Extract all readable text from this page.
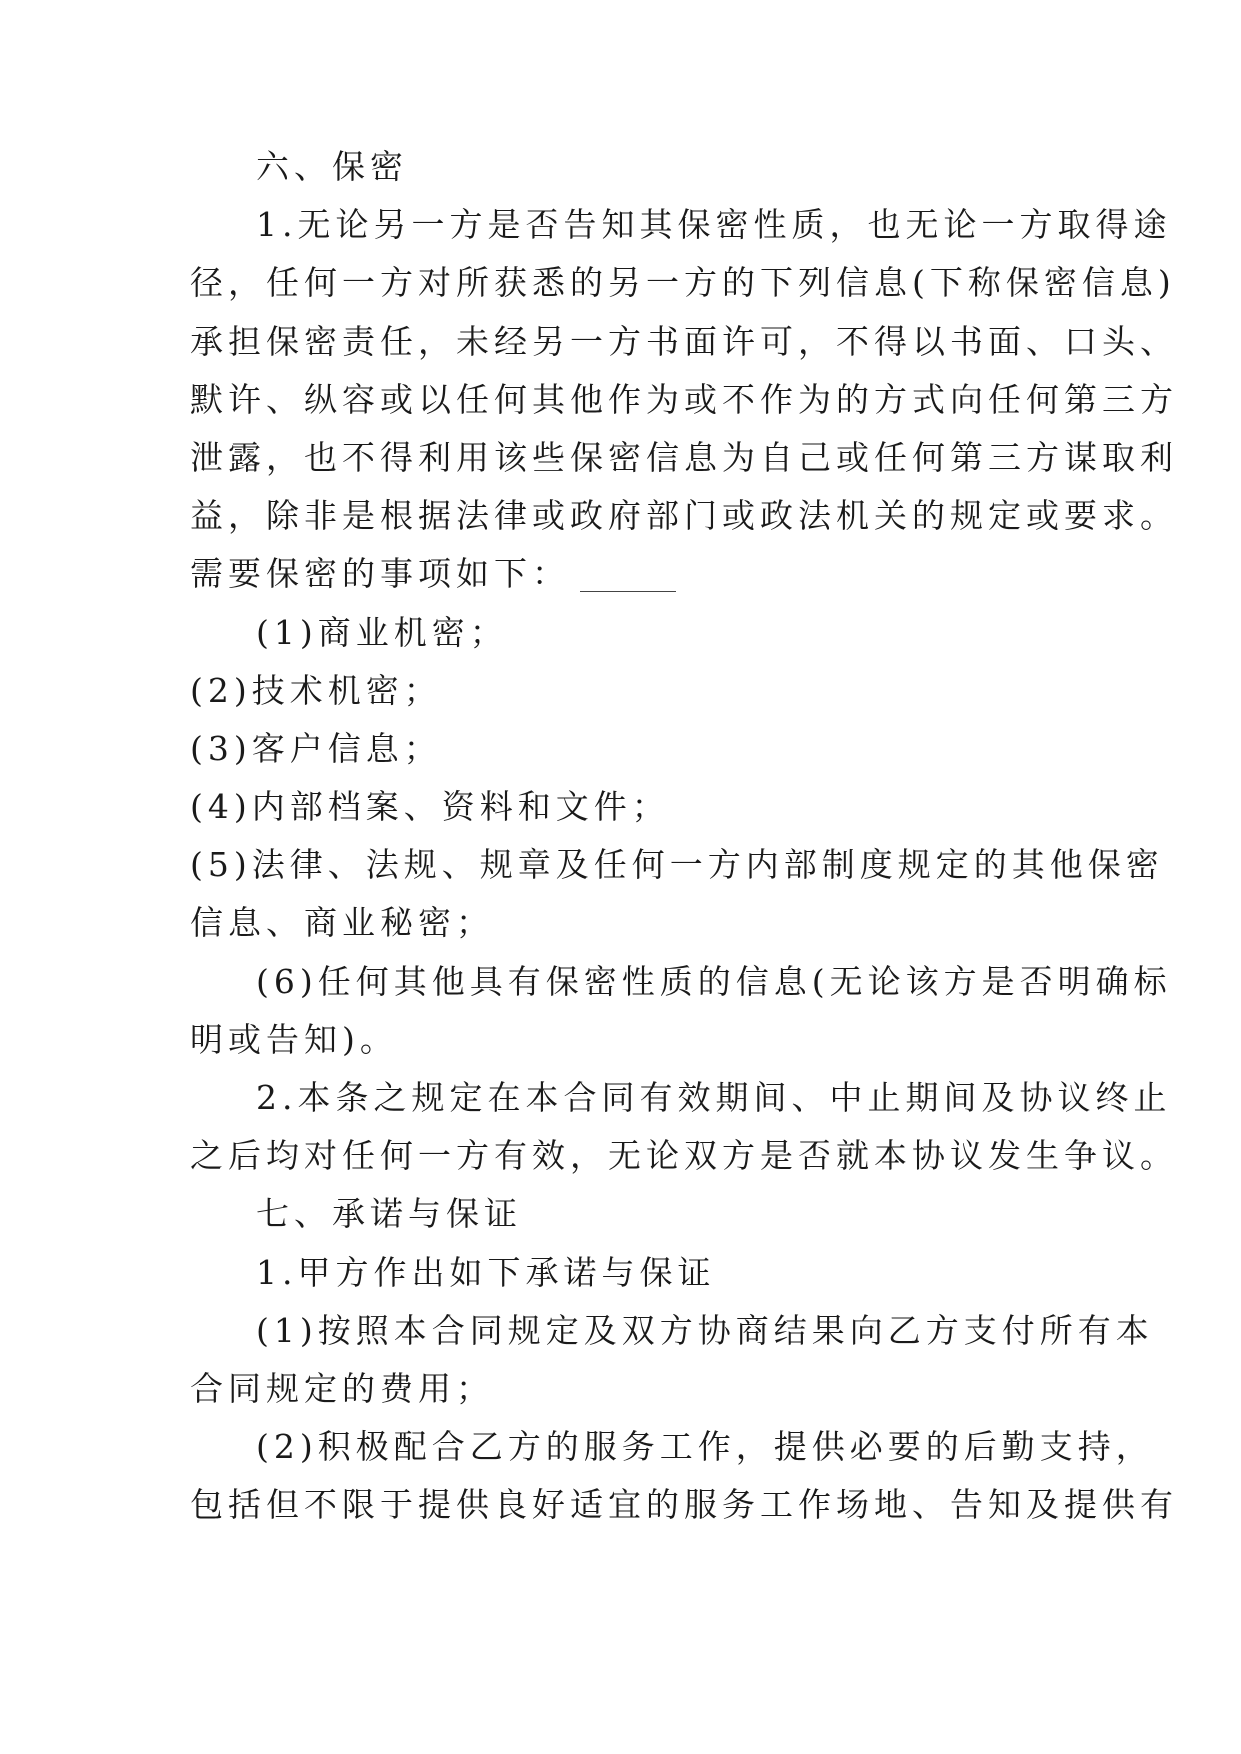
六、保密
1.无论另一方是否告知其保密性质，也无论一方取得途
径，任何一方对所获悉的另一方的下列信息(下称保密信息)
承担保密责任，未经另一方书面许可，不得以书面、口头、
默许、纵容或以任何其他作为或不作为的方式向任何第三方
泄露，也不得利用该些保密信息为自己或任何第三方谋取利
益，除非是根据法律或政府部门或政法机关的规定或要求。
需要保密的事项如下：
(1)商业机密；
(2)技术机密；
(3)客户信息；
(4)内部档案、资料和文件；
(5)法律、法规、规章及任何一方内部制度规定的其他保密
信息、商业秘密；
(6)任何其他具有保密性质的信息(无论该方是否明确标
明或告知)。
2.本条之规定在本合同有效期间、中止期间及协议终止
之后均对任何一方有效，无论双方是否就本协议发生争议。
七、承诺与保证
1.甲方作出如下承诺与保证
(1)按照本合同规定及双方协商结果向乙方支付所有本
合同规定的费用；
(2)积极配合乙方的服务工作，提供必要的后勤支持，
包括但不限于提供良好适宜的服务工作场地、告知及提供有
